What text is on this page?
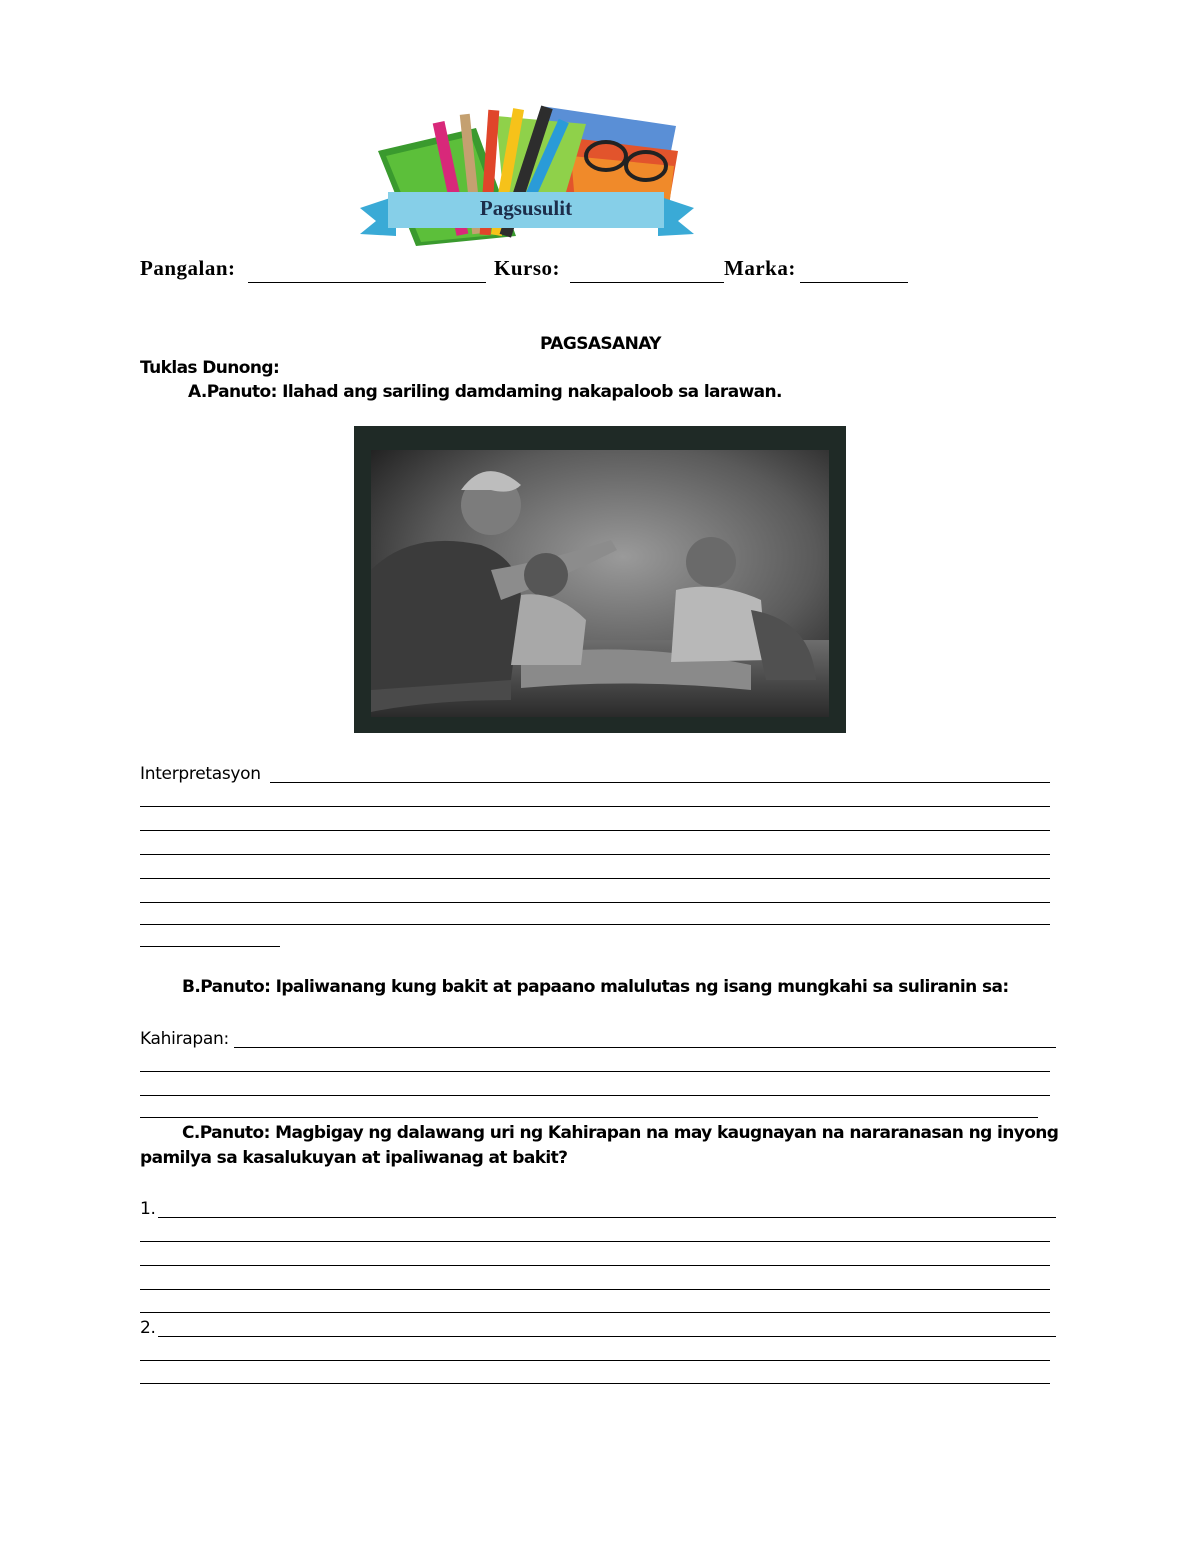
Pagsusulit
Pangalan:	Kurso:	Marka:
PAGSASANAY
Tuklas Dunong:
A.Panuto: Ilahad ang sariling damdaming nakapaloob sa larawan.
Interpretasyon
B.Panuto: Ipaliwanang kung bakit at papaano malulutas ng isang mungkahi sa suliranin sa:
Kahirapan:
C.Panuto: Magbigay ng dalawang uri ng Kahirapan na may kaugnayan na nararanasan ng inyong
pamilya sa kasalukuyan at ipaliwanag at bakit?
1.
2.
